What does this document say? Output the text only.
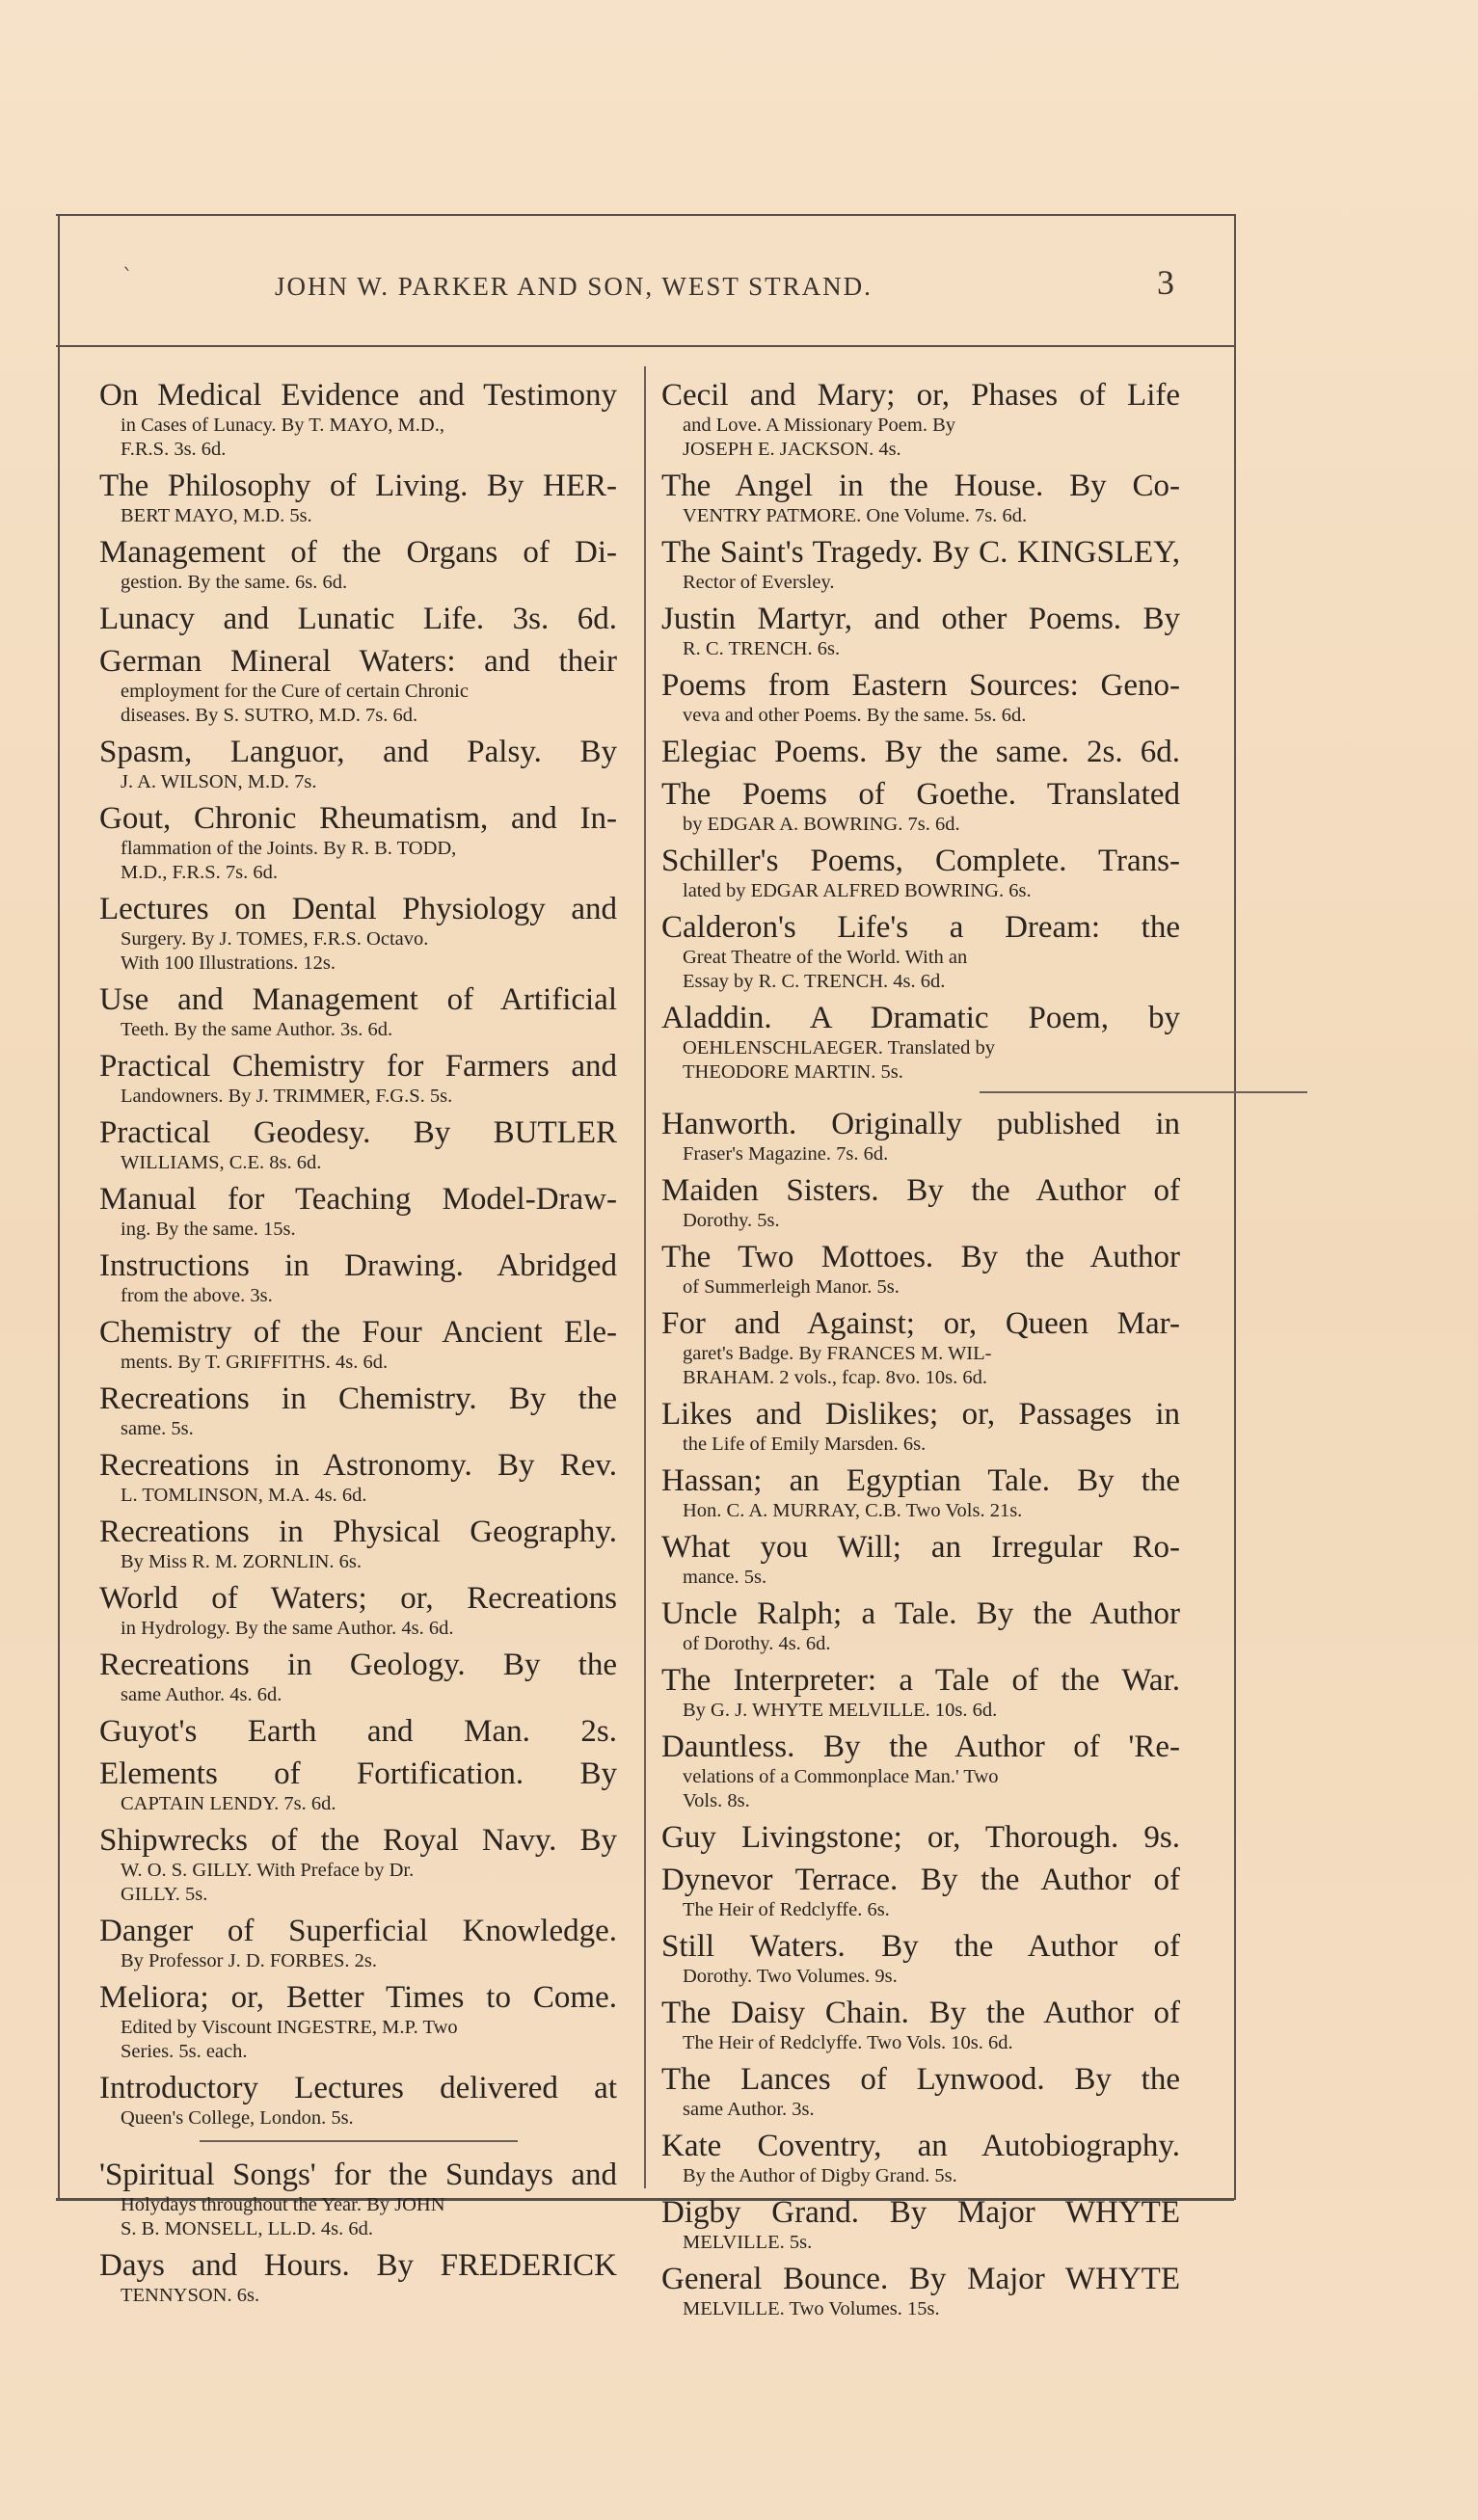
`	JOHN W. PARKER AND SON, WEST STRAND.	3
On Medical Evidence and Testimony
in Cases of Lunacy. By T. MAYO, M.D.,
F.R.S. 3s. 6d.
The Philosophy of Living. By HER-
BERT MAYO, M.D. 5s.
Management of the Organs of Di-
gestion. By the same. 6s. 6d.
Lunacy and Lunatic Life. 3s. 6d.
German Mineral Waters: and their
employment for the Cure of certain Chronic
diseases. By S. SUTRO, M.D. 7s. 6d.
Spasm, Languor, and Palsy. By
J. A. WILSON, M.D. 7s.
Gout, Chronic Rheumatism, and In-
flammation of the Joints. By R. B. TODD,
M.D., F.R.S. 7s. 6d.
Lectures on Dental Physiology and
Surgery. By J. TOMES, F.R.S. Octavo.
With 100 Illustrations. 12s.
Use and Management of Artificial
Teeth. By the same Author. 3s. 6d.
Practical Chemistry for Farmers and
Landowners. By J. TRIMMER, F.G.S. 5s.
Practical Geodesy. By BUTLER
WILLIAMS, C.E. 8s. 6d.
Manual for Teaching Model-Draw-
ing. By the same. 15s.
Instructions in Drawing. Abridged
from the above. 3s.
Chemistry of the Four Ancient Ele-
ments. By T. GRIFFITHS. 4s. 6d.
Recreations in Chemistry. By the
same. 5s.
Recreations in Astronomy. By Rev.
L. TOMLINSON, M.A. 4s. 6d.
Recreations in Physical Geography.
By Miss R. M. ZORNLIN. 6s.
World of Waters; or, Recreations
in Hydrology. By the same Author. 4s. 6d.
Recreations in Geology. By the
same Author. 4s. 6d.
Guyot's Earth and Man. 2s.
Elements of Fortification. By
CAPTAIN LENDY. 7s. 6d.
Shipwrecks of the Royal Navy. By
W. O. S. GILLY. With Preface by Dr.
GILLY. 5s.
Danger of Superficial Knowledge.
By Professor J. D. FORBES. 2s.
Meliora; or, Better Times to Come.
Edited by Viscount INGESTRE, M.P. Two
Series. 5s. each.
Introductory Lectures delivered at
Queen's College, London. 5s.
'Spiritual Songs' for the Sundays and
Holydays throughout the Year. By JOHN
S. B. MONSELL, LL.D. 4s. 6d.
Days and Hours. By FREDERICK
TENNYSON. 6s.
Cecil and Mary; or, Phases of Life
and Love. A Missionary Poem. By
JOSEPH E. JACKSON. 4s.
The Angel in the House. By Co-
VENTRY PATMORE. One Volume. 7s. 6d.
The Saint's Tragedy. By C. KINGSLEY,
Rector of Eversley.
Justin Martyr, and other Poems. By
R. C. TRENCH. 6s.
Poems from Eastern Sources: Geno-
veva and other Poems. By the same. 5s. 6d.
Elegiac Poems. By the same. 2s. 6d.
The Poems of Goethe. Translated
by EDGAR A. BOWRING. 7s. 6d.
Schiller's Poems, Complete. Trans-
lated by EDGAR ALFRED BOWRING. 6s.
Calderon's Life's a Dream: the
Great Theatre of the World. With an
Essay by R. C. TRENCH. 4s. 6d.
Aladdin. A Dramatic Poem, by
OEHLENSCHLAEGER. Translated by
THEODORE MARTIN. 5s.
Hanworth. Originally published in
Fraser's Magazine. 7s. 6d.
Maiden Sisters. By the Author of
Dorothy. 5s.
The Two Mottoes. By the Author
of Summerleigh Manor. 5s.
For and Against; or, Queen Mar-
garet's Badge. By FRANCES M. WIL-
BRAHAM. 2 vols., fcap. 8vo. 10s. 6d.
Likes and Dislikes; or, Passages in
the Life of Emily Marsden. 6s.
Hassan; an Egyptian Tale. By the
Hon. C. A. MURRAY, C.B. Two Vols. 21s.
What you Will; an Irregular Ro-
mance. 5s.
Uncle Ralph; a Tale. By the Author
of Dorothy. 4s. 6d.
The Interpreter: a Tale of the War.
By G. J. WHYTE MELVILLE. 10s. 6d.
Dauntless. By the Author of 'Re-
velations of a Commonplace Man.' Two
Vols. 8s.
Guy Livingstone; or, Thorough. 9s.
Dynevor Terrace. By the Author of
The Heir of Redclyffe. 6s.
Still Waters. By the Author of
Dorothy. Two Volumes. 9s.
The Daisy Chain. By the Author of
The Heir of Redclyffe. Two Vols. 10s. 6d.
The Lances of Lynwood. By the
same Author. 3s.
Kate Coventry, an Autobiography.
By the Author of Digby Grand. 5s.
Digby Grand. By Major WHYTE
MELVILLE. 5s.
General Bounce. By Major WHYTE
MELVILLE. Two Volumes. 15s.
